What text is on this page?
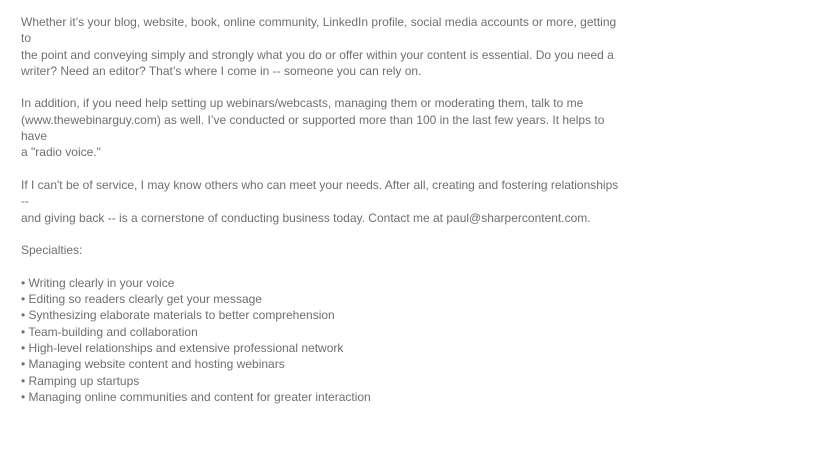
Whether it’s your blog, website, book, online community, LinkedIn profile, social media accounts or more, getting to
the point and conveying simply and strongly what you do or offer within your content is essential. Do you need a
writer? Need an editor? That’s where I come in -- someone you can rely on.

In addition, if you need help setting up webinars/webcasts, managing them or moderating them, talk to me
(www.thewebinarguy.com) as well. I’ve conducted or supported more than 100 in the last few years. It helps to have
a "radio voice."

If I can't be of service, I may know others who can meet your needs. After all, creating and fostering relationships --
and giving back -- is a cornerstone of conducting business today. Contact me at paul@sharpercontent.com.

Specialties:

• Writing clearly in your voice
• Editing so readers clearly get your message
• Synthesizing elaborate materials to better comprehension
• Team-building and collaboration
• High-level relationships and extensive professional network
• Managing website content and hosting webinars
• Ramping up startups
• Managing online communities and content for greater interaction
